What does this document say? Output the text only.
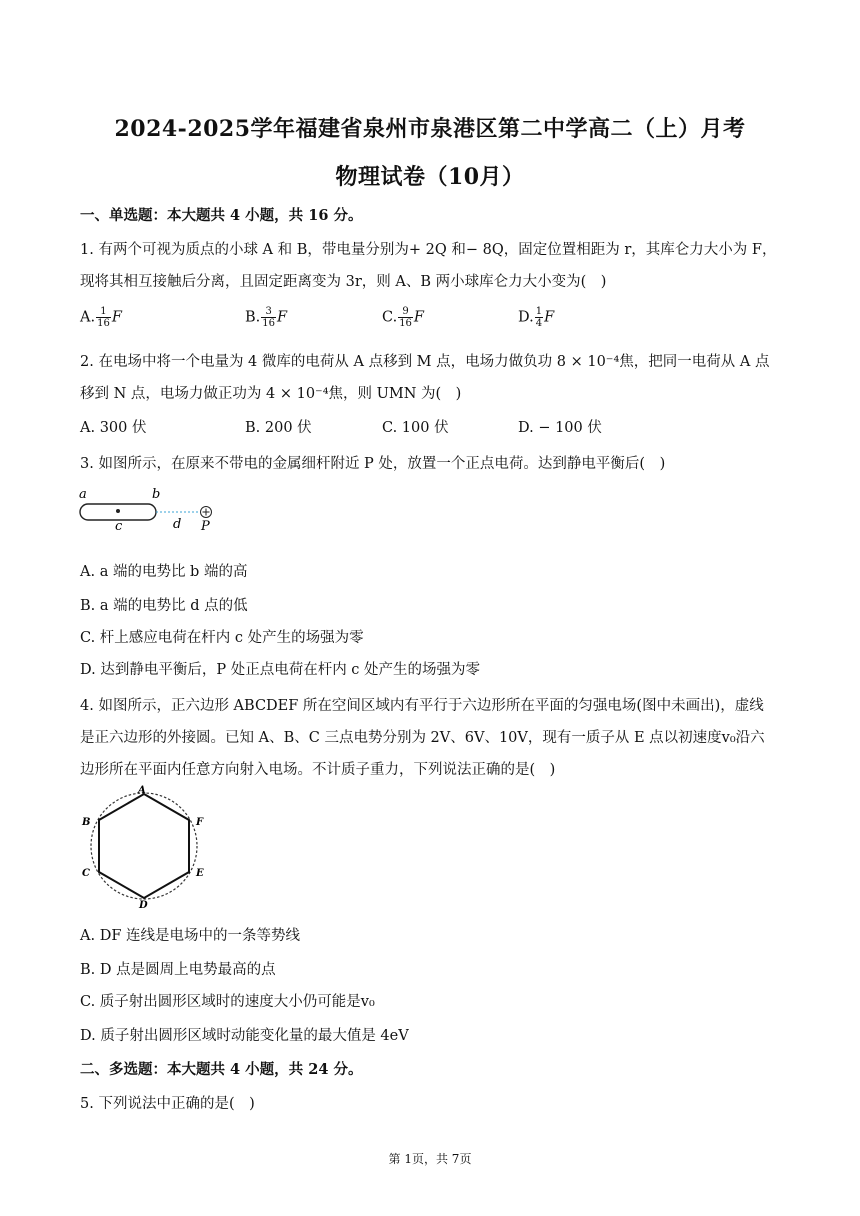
2024-2025学年福建省泉州市泉港区第二中学高二（上）月考
物理试卷（10月）
一、单选题：本大题共 4 小题，共 16 分。
1. 有两个可视为质点的小球 A 和 B，带电量分别为+ 2Q 和− 8Q，固定位置相距为 r，其库仑力大小为 F，
现将其相互接触后分离，且固定距离变为 3r，则 A、B 两小球库仑力大小变为(　)
A. $\frac{1}{16}$ F	B. $\frac{3}{16}$ F	C. $\frac{9}{16}$ F	D. $\frac{1}{4}$ F
2. 在电场中将一个电量为 4 微库的电荷从 A 点移到 M 点，电场力做负功 8 × 10⁻⁴焦，把同一电荷从 A 点
移到 N 点，电场力做正功为 4 × 10⁻⁴焦，则 UMN 为(　)
A. 300 伏	B. 200 伏	C. 100 伏	D. − 100 伏
3. 如图所示，在原来不带电的金属细杆附近 P 处，放置一个正点电荷。达到静电平衡后(　)
a	b
c	d P
A. a 端的电势比 b 端的高
B. a 端的电势比 d 点的低
C. 杆上感应电荷在杆内 c 处产生的场强为零
D. 达到静电平衡后，P 处正点电荷在杆内 c 处产生的场强为零
4. 如图所示，正六边形 ABCDEF 所在空间区域内有平行于六边形所在平面的匀强电场(图中未画出)，虚线
是正六边形的外接圆。已知 A、B、C 三点电势分别为 2V、6V、10V，现有一质子从 E 点以初速度v₀沿六
边形所在平面内任意方向射入电场。不计质子重力，下列说法正确的是(　)
A
B	F
C	E
D
A. DF 连线是电场中的一条等势线
B. D 点是圆周上电势最高的点
C. 质子射出圆形区域时的速度大小仍可能是v₀
D. 质子射出圆形区域时动能变化量的最大值是 4eV
二、多选题：本大题共 4 小题，共 24 分。
5. 下列说法中正确的是(　)
第 1页，共 7页
